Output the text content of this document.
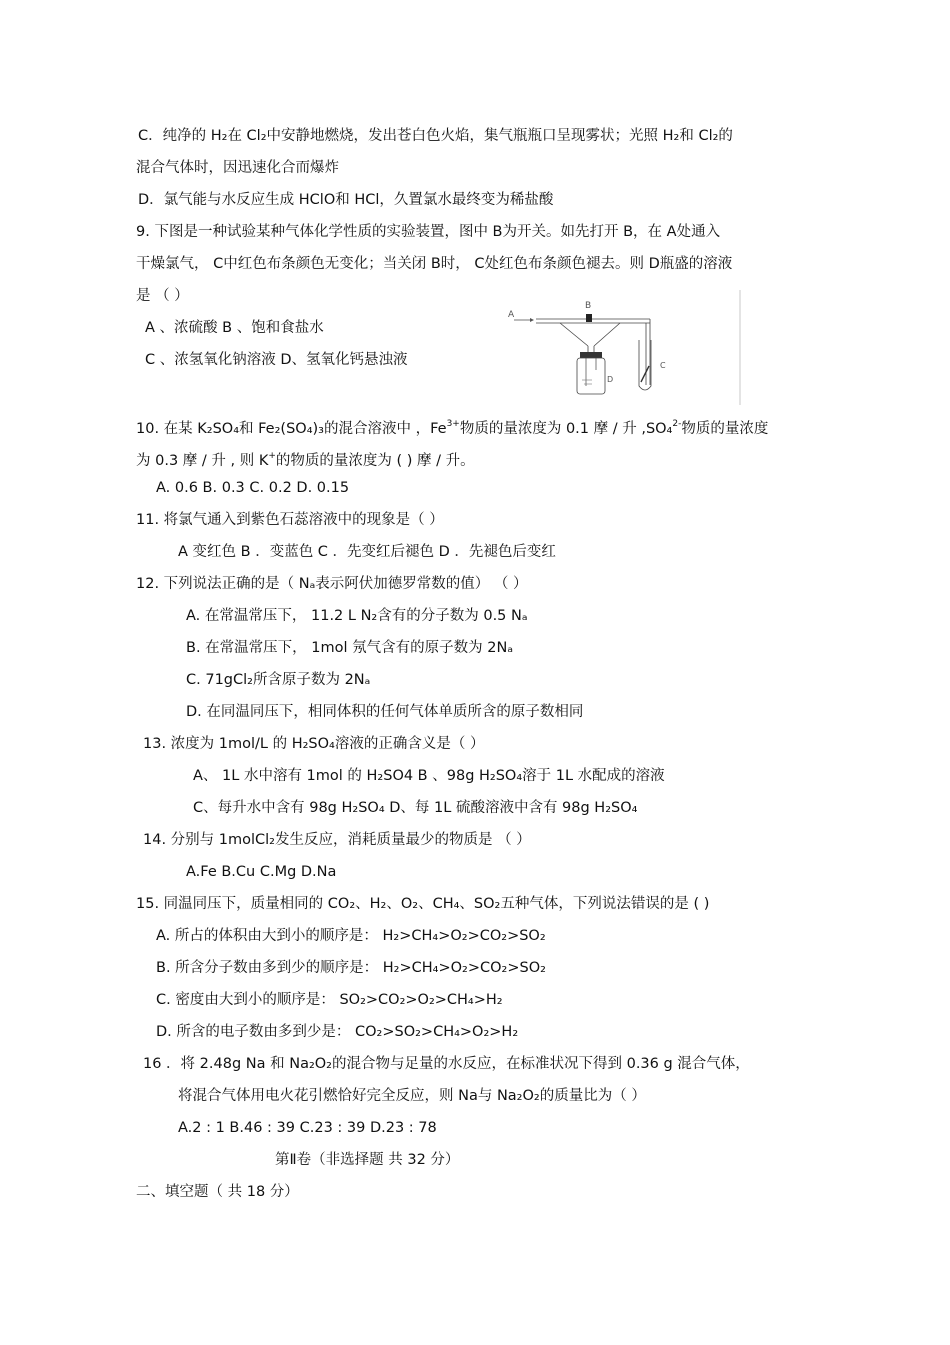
C．纯净的 H₂在 Cl₂中安静地燃烧，发出苍白色火焰，集气瓶瓶口呈现雾状；光照 H₂和 Cl₂的
混合气体时，因迅速化合而爆炸
D．氯气能与水反应生成 HClO和 HCl，久置氯水最终变为稀盐酸
9. 下图是一种试验某种气体化学性质的实验装置，图中 B为开关。如先打开 B，在 A处通入
干燥氯气， C中红色布条颜色无变化；当关闭 B时， C处红色布条颜色褪去。则 D瓶盛的溶液
是 （ ）
A 、浓硫酸 B 、饱和食盐水
C 、浓氢氧化钠溶液 D、氢氧化钙悬浊液
A
B
D
C
10. 在某 K₂SO₄和 Fe₂(SO₄)₃的混合溶液中 ，$Fe^{3+}$物质的量浓度为 0.1 摩 / 升 ,SO₄$^{2-}$物质的量浓度
为 0.3 摩 / 升 , 则 K+的物质的量浓度为 ( ) 摩 / 升。
A. 0.6 B. 0.3 C. 0.2 D. 0.15
11. 将氯气通入到紫色石蕊溶液中的现象是（ ）
A 变红色 B ．变蓝色 C ．先变红后褪色 D ．先褪色后变红
12. 下列说法正确的是（ Nₐ表示阿伏加德罗常数的值） （ ）
A. 在常温常压下， 11.2 L N₂含有的分子数为 0.5 Nₐ
B. 在常温常压下， 1mol 氖气含有的原子数为 2Nₐ
C. 71gCl₂所含原子数为 2Nₐ
D. 在同温同压下，相同体积的任何气体单质所含的原子数相同
13. 浓度为 1mol/L 的 H₂SO₄溶液的正确含义是（ ）
A、 1L 水中溶有 1mol 的 H₂SO4 B 、98g H₂SO₄溶于 1L 水配成的溶液
C、每升水中含有 98g H₂SO₄ D、每 1L 硫酸溶液中含有 98g H₂SO₄
14. 分别与 1molCl₂发生反应，消耗质量最少的物质是 （ ）
A.Fe B.Cu C.Mg D.Na
15. 同温同压下，质量相同的 CO₂、H₂、O₂、CH₄、SO₂五种气体，下列说法错误的是 ( )
A. 所占的体积由大到小的顺序是： H₂>CH₄>O₂>CO₂>SO₂
B. 所含分子数由多到少的顺序是： H₂>CH₄>O₂>CO₂>SO₂
C. 密度由大到小的顺序是： SO₂>CO₂>O₂>CH₄>H₂
D. 所含的电子数由多到少是： CO₂>SO₂>CH₄>O₂>H₂
16 ．将 2.48g Na 和 Na₂O₂的混合物与足量的水反应，在标准状况下得到 0.36 g 混合气体，
将混合气体用电火花引燃恰好完全反应，则 Na与 Na₂O₂的质量比为（ ）
A.2 : 1 B.46 : 39 C.23 : 39 D.23 : 78
第Ⅱ卷（非选择题 共 32 分）
二、填空题（ 共 18 分）
